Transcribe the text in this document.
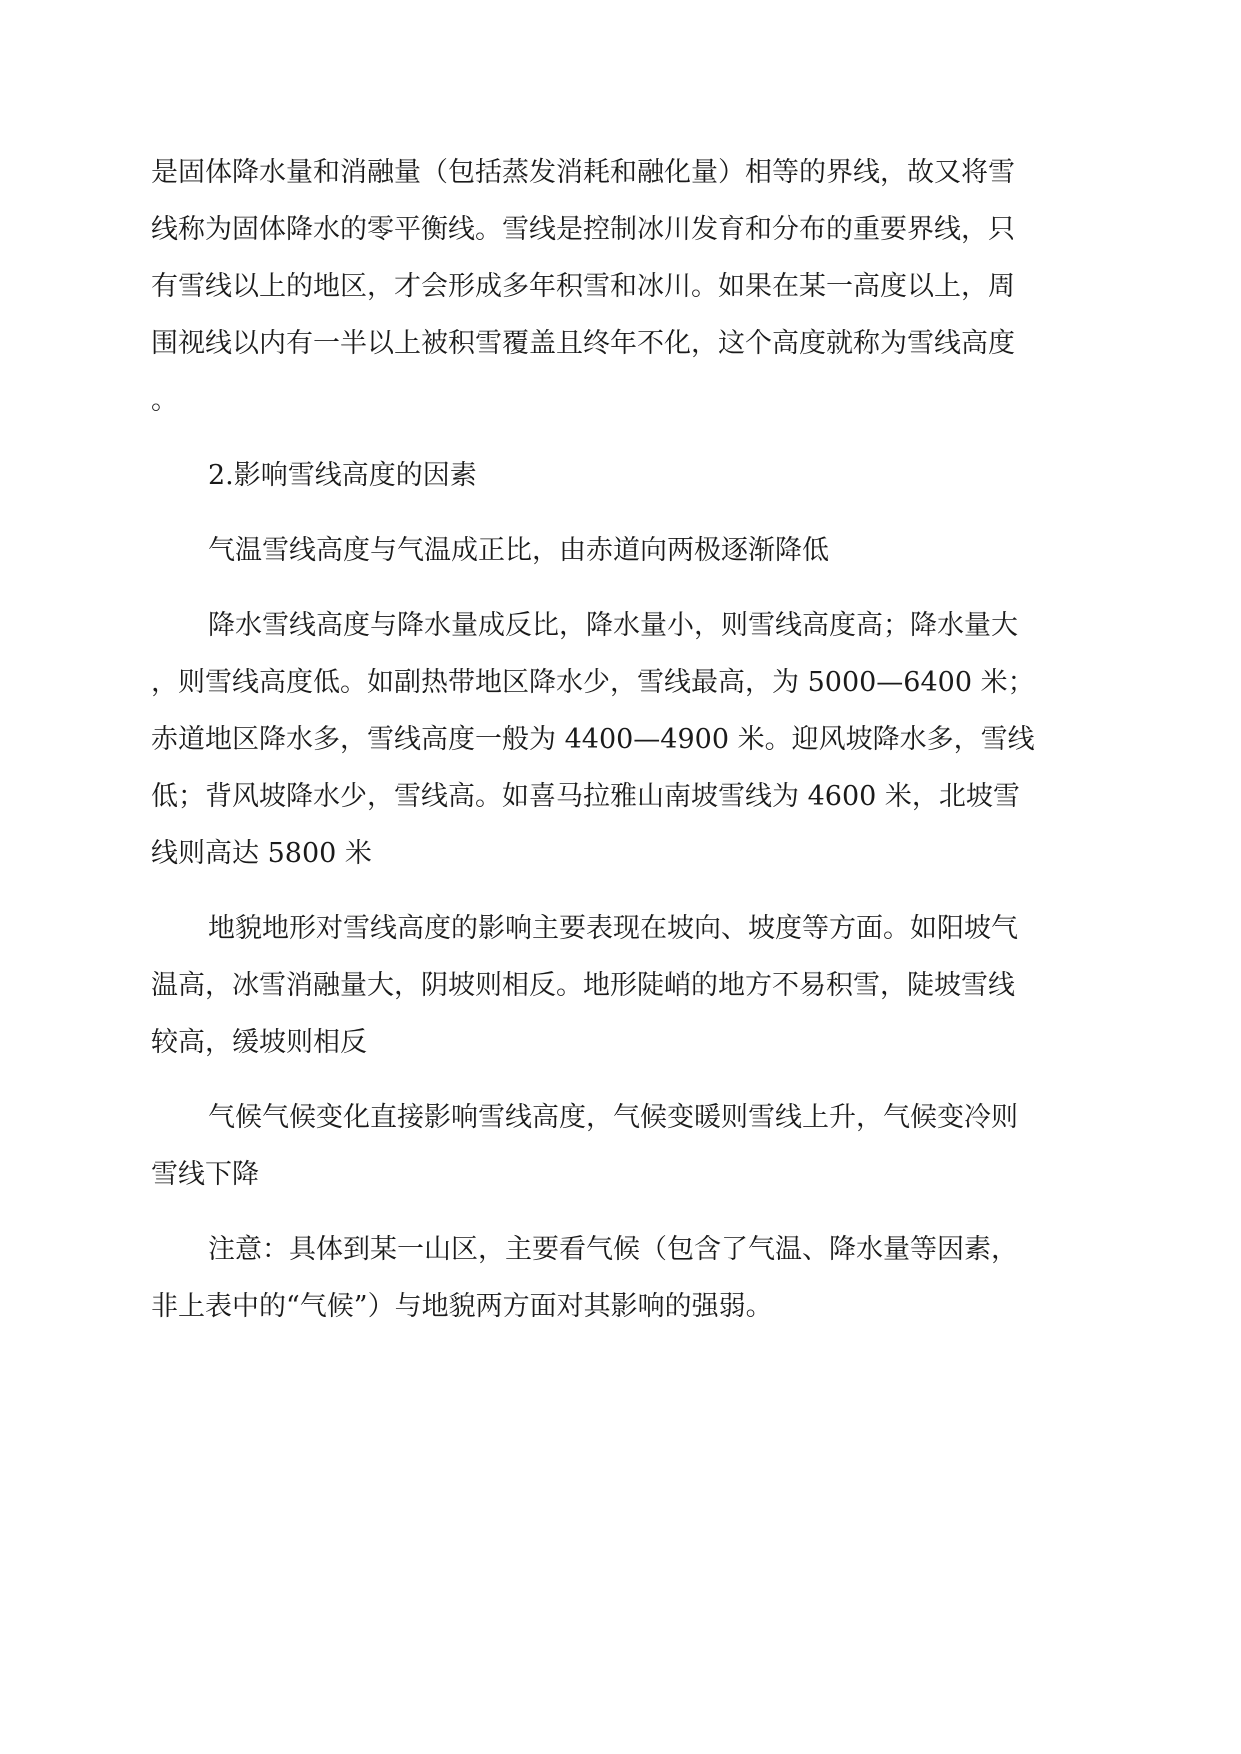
是固体降水量和消融量（包括蒸发消耗和融化量）相等的界线，故又将雪
线称为固体降水的零平衡线。雪线是控制冰川发育和分布的重要界线，只
有雪线以上的地区，才会形成多年积雪和冰川。如果在某一高度以上，周
围视线以内有一半以上被积雪覆盖且终年不化，这个高度就称为雪线高度
。
2.影响雪线高度的因素
气温雪线高度与气温成正比，由赤道向两极逐渐降低
降水雪线高度与降水量成反比，降水量小，则雪线高度高；降水量大
，则雪线高度低。如副热带地区降水少，雪线最高，为 5000—6400 米；
赤道地区降水多，雪线高度一般为 4400—4900 米。迎风坡降水多，雪线
低；背风坡降水少，雪线高。如喜马拉雅山南坡雪线为 4600 米，北坡雪
线则高达 5800 米
地貌地形对雪线高度的影响主要表现在坡向、坡度等方面。如阳坡气
温高，冰雪消融量大，阴坡则相反。地形陡峭的地方不易积雪，陡坡雪线
较高，缓坡则相反
气候气候变化直接影响雪线高度，气候变暖则雪线上升，气候变冷则
雪线下降
注意：具体到某一山区，主要看气候（包含了气温、降水量等因素，
非上表中的“气候”）与地貌两方面对其影响的强弱。
